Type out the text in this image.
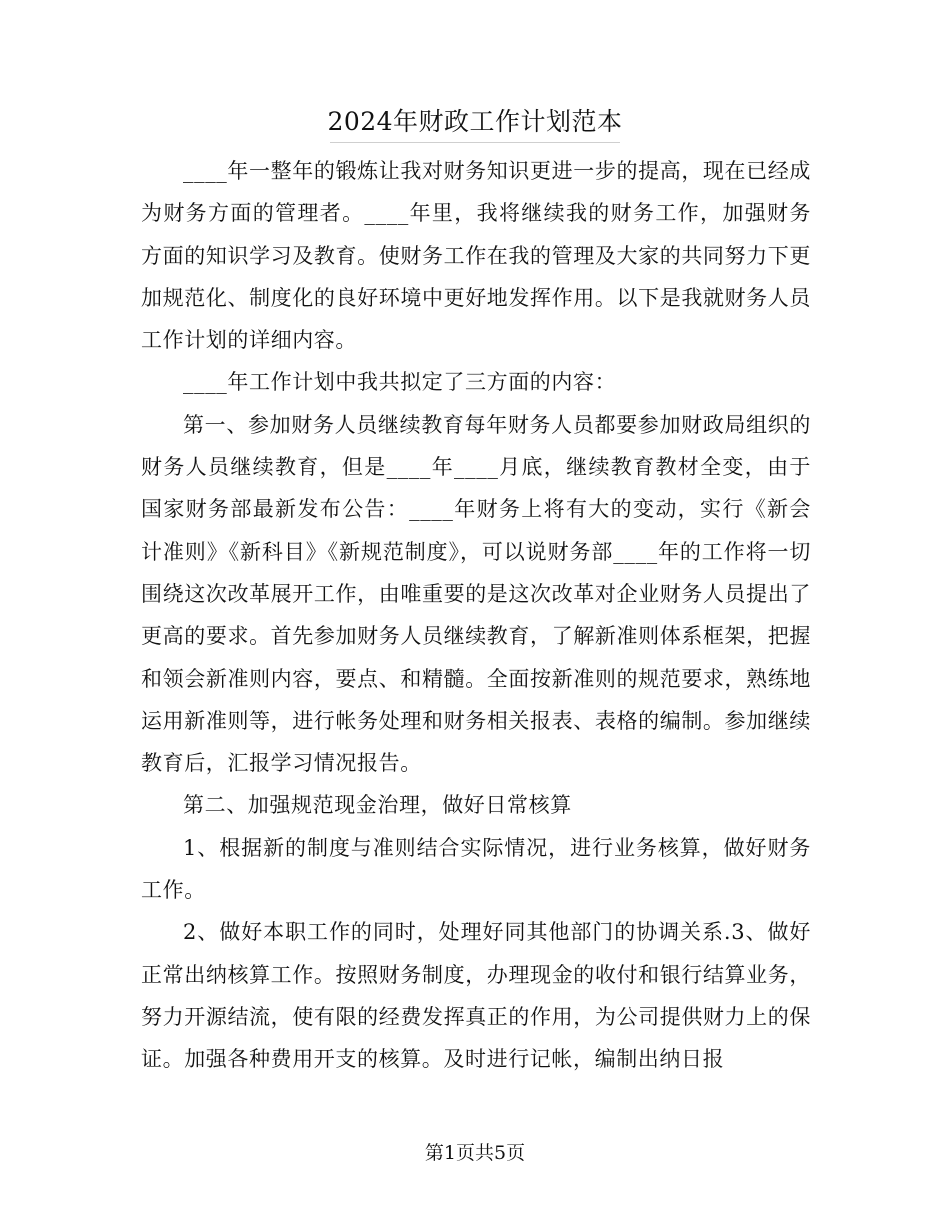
2024年财政工作计划范本

____年一整年的锻炼让我对财务知识更进一步的提高，现在已经成为财务方面的管理者。____年里，我将继续我的财务工作，加强财务方面的知识学习及教育。使财务工作在我的管理及大家的共同努力下更加规范化、制度化的良好环境中更好地发挥作用。以下是我就财务人员工作计划的详细内容。

____年工作计划中我共拟定了三方面的内容：

第一、参加财务人员继续教育每年财务人员都要参加财政局组织的财务人员继续教育，但是____年____月底，继续教育教材全变，由于国家财务部最新发布公告：____年财务上将有大的变动，实行《新会计准则》《新科目》《新规范制度》，可以说财务部____年的工作将一切围绕这次改革展开工作，由唯重要的是这次改革对企业财务人员提出了更高的要求。首先参加财务人员继续教育，了解新准则体系框架，把握和领会新准则内容，要点、和精髓。全面按新准则的规范要求，熟练地运用新准则等，进行帐务处理和财务相关报表、表格的编制。参加继续教育后，汇报学习情况报告。

第二、加强规范现金治理，做好日常核算

1、根据新的制度与准则结合实际情况，进行业务核算，做好财务工作。

2、做好本职工作的同时，处理好同其他部门的协调关系.3、做好正常出纳核算工作。按照财务制度，办理现金的收付和银行结算业务，努力开源结流，使有限的经费发挥真正的作用，为公司提供财力上的保证。加强各种费用开支的核算。及时进行记帐，编制出纳日报

第1页共5页
